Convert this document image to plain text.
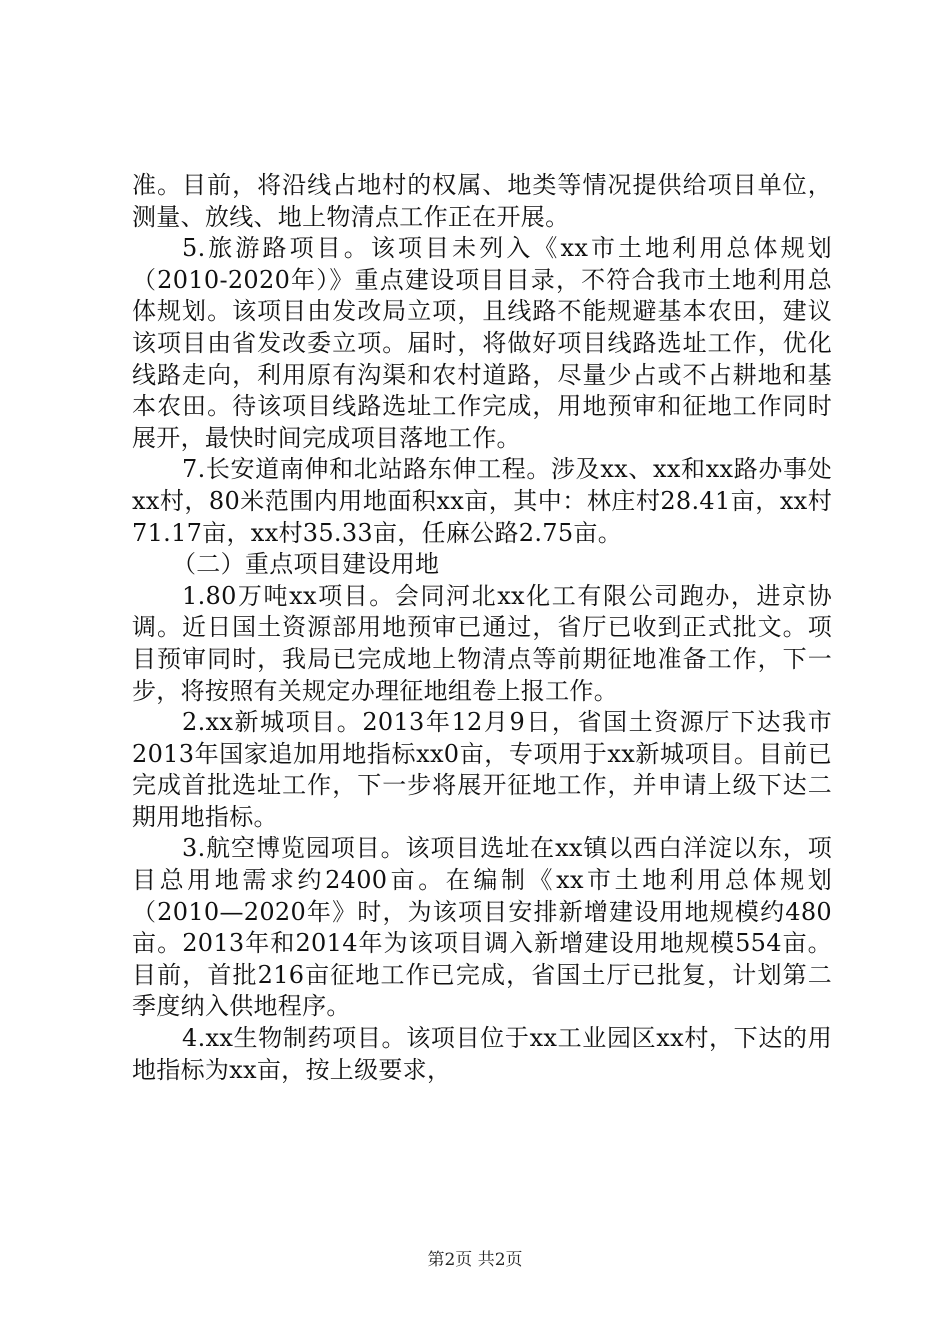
准。目前，将沿线占地村的权属、地类等情况提供给项目单位，测量、放线、地上物清点工作正在开展。

5.旅游路项目。该项目未列入《xx市土地利用总体规划（2010-2020年）》重点建设项目目录，不符合我市土地利用总体规划。该项目由发改局立项，且线路不能规避基本农田，建议该项目由省发改委立项。届时，将做好项目线路选址工作，优化线路走向，利用原有沟渠和农村道路，尽量少占或不占耕地和基本农田。待该项目线路选址工作完成，用地预审和征地工作同时展开，最快时间完成项目落地工作。

7.长安道南伸和北站路东伸工程。涉及xx、xx和xx路办事处xx村，80米范围内用地面积xx亩，其中：林庄村28.41亩，xx村71.17亩，xx村35.33亩，任麻公路2.75亩。

（二）重点项目建设用地

1.80万吨xx项目。会同河北xx化工有限公司跑办，进京协调。近日国土资源部用地预审已通过，省厅已收到正式批文。项目预审同时，我局已完成地上物清点等前期征地准备工作，下一步，将按照有关规定办理征地组卷上报工作。

2.xx新城项目。2013年12月9日，省国土资源厅下达我市2013年国家追加用地指标xx0亩，专项用于xx新城项目。目前已完成首批选址工作，下一步将展开征地工作，并申请上级下达二期用地指标。

3.航空博览园项目。该项目选址在xx镇以西白洋淀以东，项目总用地需求约2400亩。在编制《xx市土地利用总体规划（2010—2020年》时，为该项目安排新增建设用地规模约480亩。2013年和2014年为该项目调入新增建设用地规模554亩。目前，首批216亩征地工作已完成，省国土厅已批复，计划第二季度纳入供地程序。

4.xx生物制药项目。该项目位于xx工业园区xx村，下达的用地指标为xx亩，按上级要求，

第2页 共2页
